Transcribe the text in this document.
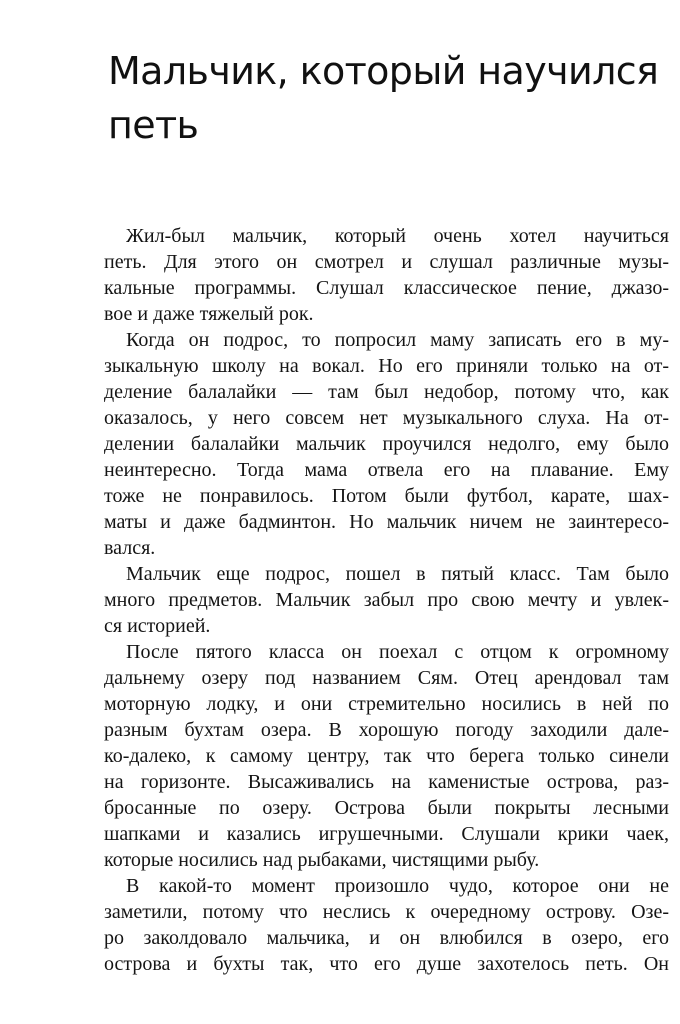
Мальчик, который научился
петь
Жил-был мальчик, который очень хотел научиться
петь. Для этого он смотрел и слушал различные музы-
кальные программы. Слушал классическое пение, джазо-
вое и даже тяжелый рок.
Когда он подрос, то попросил маму записать его в му-
зыкальную школу на вокал. Но его приняли только на от-
деление балалайки — там был недобор, потому что, как
оказалось, у него совсем нет музыкального слуха. На от-
делении балалайки мальчик проучился недолго, ему было
неинтересно. Тогда мама отвела его на плавание. Ему
тоже не понравилось. Потом были футбол, карате, шах-
маты и даже бадминтон. Но мальчик ничем не заинтересо-
вался.
Мальчик еще подрос, пошел в пятый класс. Там было
много предметов. Мальчик забыл про свою мечту и увлек-
ся историей.
После пятого класса он поехал с отцом к огромному
дальнему озеру под названием Сям. Отец арендовал там
моторную лодку, и они стремительно носились в ней по
разным бухтам озера. В хорошую погоду заходили дале-
ко-далеко, к самому центру, так что берега только синели
на горизонте. Высаживались на каменистые острова, раз-
бросанные по озеру. Острова были покрыты лесными
шапками и казались игрушечными. Слушали крики чаек,
которые носились над рыбаками, чистящими рыбу.
В какой-то момент произошло чудо, которое они не
заметили, потому что неслись к очередному острову. Озе-
ро заколдовало мальчика, и он влюбился в озеро, его
острова и бухты так, что его душе захотелось петь. Он
